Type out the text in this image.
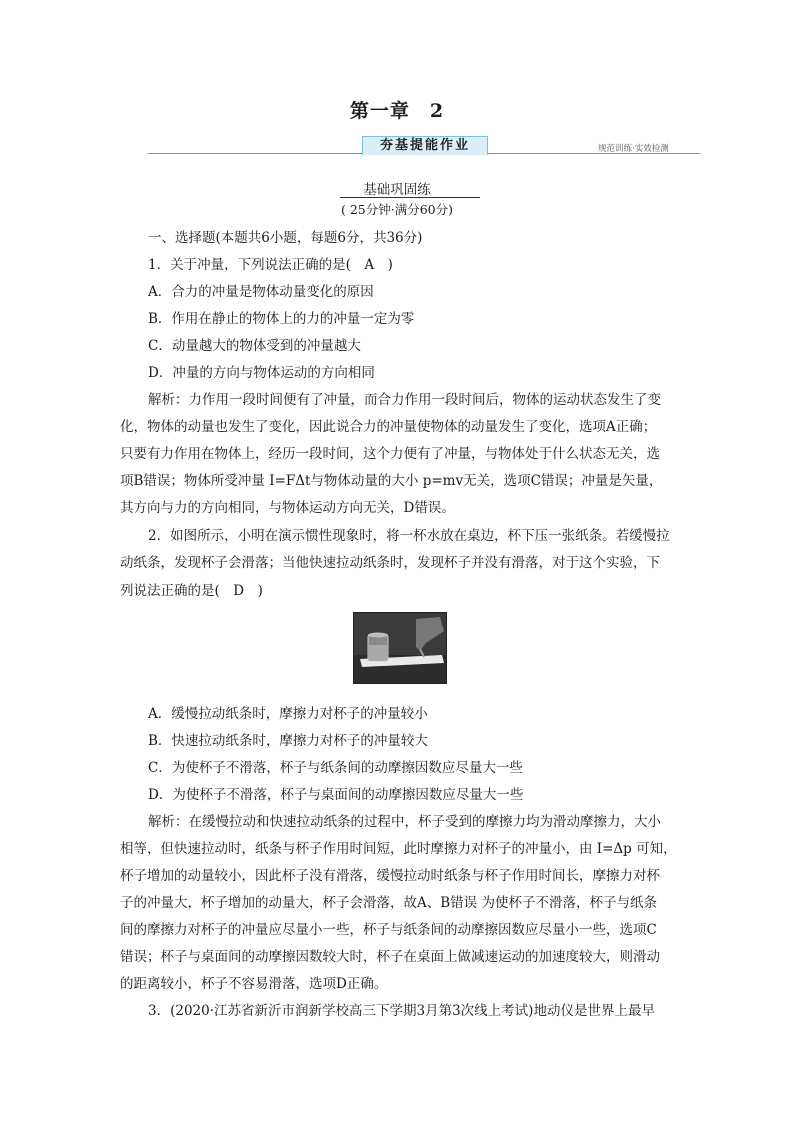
第一章　2
夯基提能作业	规范训练·实效检测
基础巩固练
( 25分钟·满分60分)
一、选择题(本题共6小题，每题6分，共36分)
1．关于冲量，下列说法正确的是(　A　)
A．合力的冲量是物体动量变化的原因
B．作用在静止的物体上的力的冲量一定为零
C．动量越大的物体受到的冲量越大
D．冲量的方向与物体运动的方向相同
解析：力作用一段时间便有了冲量，而合力作用一段时间后，物体的运动状态发生了变
化，物体的动量也发生了变化，因此说合力的冲量使物体的动量发生了变化，选项A正确；
只要有力作用在物体上，经历一段时间，这个力便有了冲量，与物体处于什么状态无关，选
项B错误；物体所受冲量 I=FΔt与物体动量的大小 p=mv无关，选项C错误；冲量是矢量，
其方向与力的方向相同，与物体运动方向无关，D错误。
2．如图所示，小明在演示惯性现象时，将一杯水放在桌边，杯下压一张纸条。若缓慢拉
动纸条，发现杯子会滑落；当他快速拉动纸条时，发现杯子并没有滑落，对于这个实验，下
列说法正确的是(　D　)
A．缓慢拉动纸条时，摩擦力对杯子的冲量较小
B．快速拉动纸条时，摩擦力对杯子的冲量较大
C．为使杯子不滑落，杯子与纸条间的动摩擦因数应尽量大一些
D．为使杯子不滑落，杯子与桌面间的动摩擦因数应尽量大一些
解析：在缓慢拉动和快速拉动纸条的过程中，杯子受到的摩擦力均为滑动摩擦力，大小
相等，但快速拉动时，纸条与杯子作用时间短，此时摩擦力对杯子的冲量小，由 I=Δp 可知，
杯子增加的动量较小，因此杯子没有滑落，缓慢拉动时纸条与杯子作用时间长，摩擦力对杯
子的冲量大，杯子增加的动量大，杯子会滑落，故A、B错误 为使杯子不滑落，杯子与纸条
间的摩擦力对杯子的冲量应尽量小一些，杯子与纸条间的动摩擦因数应尽量小一些，选项C
错误；杯子与桌面间的动摩擦因数较大时，杯子在桌面上做减速运动的加速度较大，则滑动
的距离较小，杯子不容易滑落，选项D正确。
3．(2020·江苏省新沂市润新学校高三下学期3月第3次线上考试)地动仪是世界上最早
